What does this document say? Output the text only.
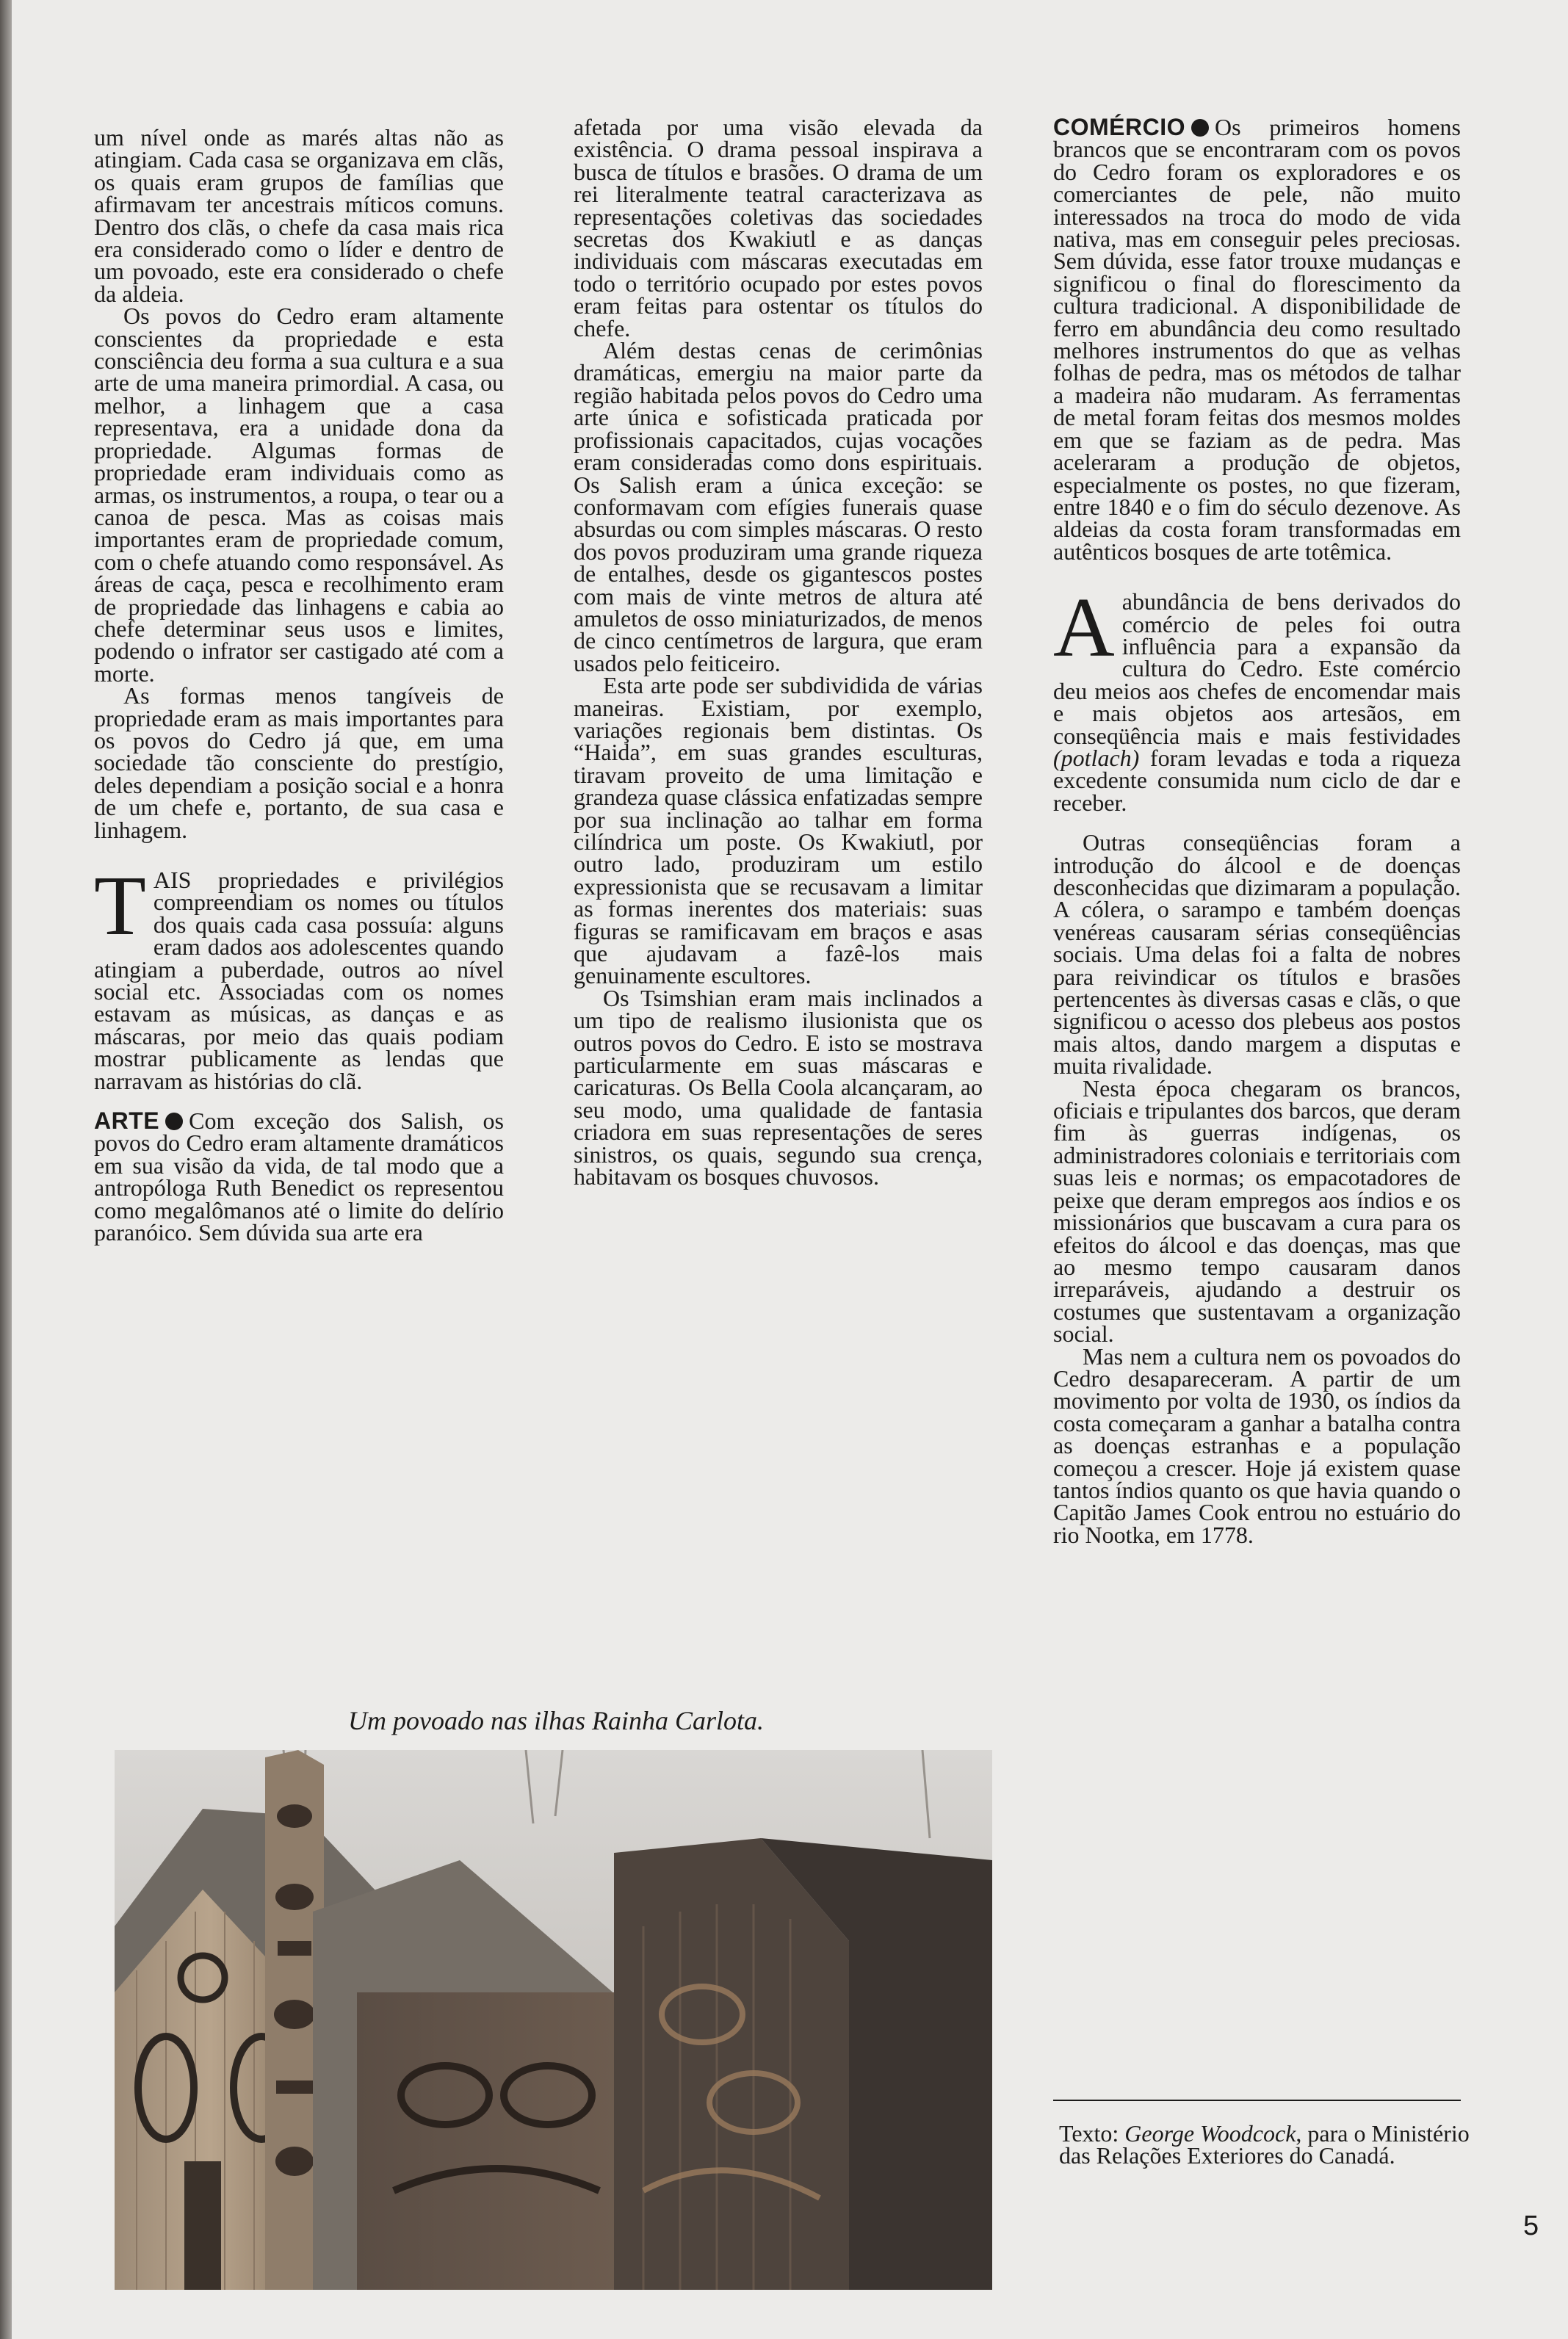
um nível onde as marés altas não as atingiam. Cada casa se organizava em clãs, os quais eram grupos de famílias que afirmavam ter ancestrais míticos comuns. Dentro dos clãs, o chefe da casa mais rica era considerado como o líder e dentro de um povoado, este era considerado o chefe da aldeia.

Os povos do Cedro eram altamente conscientes da propriedade e esta consciência deu forma a sua cultura e a sua arte de uma maneira primordial. A casa, ou melhor, a linhagem que a casa representava, era a unidade dona da propriedade. Algumas formas de propriedade eram individuais como as armas, os instrumentos, a roupa, o tear ou a canoa de pesca. Mas as coisas mais importantes eram de propriedade comum, com o chefe atuando como responsável. As áreas de caça, pesca e recolhimento eram de propriedade das linhagens e cabia ao chefe determinar seus usos e limites, podendo o infrator ser castigado até com a morte.

As formas menos tangíveis de propriedade eram as mais importantes para os povos do Cedro já que, em uma sociedade tão consciente do prestígio, deles dependiam a posição social e a honra de um chefe e, portanto, de sua casa e linhagem.

TAIS propriedades e privilégios compreendiam os nomes ou títulos dos quais cada casa possuía: alguns eram dados aos adolescentes quando atingiam a puberdade, outros ao nível social etc. Associadas com os nomes estavam as músicas, as danças e as máscaras, por meio das quais podiam mostrar publicamente as lendas que narravam as histórias do clã.

ARTE Com exceção dos Salish, os povos do Cedro eram altamente dramáticos em sua visão da vida, de tal modo que a antropóloga Ruth Benedict os representou como megalômanos até o limite do delírio paranóico. Sem dúvida sua arte era

afetada por uma visão elevada da existência. O drama pessoal inspirava a busca de títulos e brasões. O drama de um rei literalmente teatral caracterizava as representações coletivas das sociedades secretas dos Kwakiutl e as danças individuais com máscaras executadas em todo o território ocupado por estes povos eram feitas para ostentar os títulos do chefe.

Além destas cenas de cerimônias dramáticas, emergiu na maior parte da região habitada pelos povos do Cedro uma arte única e sofisticada praticada por profissionais capacitados, cujas vocações eram consideradas como dons espirituais. Os Salish eram a única exceção: se conformavam com efígies funerais quase absurdas ou com simples máscaras. O resto dos povos produziram uma grande riqueza de entalhes, desde os gigantescos postes com mais de vinte metros de altura até amuletos de osso miniaturizados, de menos de cinco centímetros de largura, que eram usados pelo feiticeiro.

Esta arte pode ser subdividida de várias maneiras. Existiam, por exemplo, variações regionais bem distintas. Os “Haida”, em suas grandes esculturas, tiravam proveito de uma limitação e grandeza quase clássica enfatizadas sempre por sua inclinação ao talhar em forma cilíndrica um poste. Os Kwakiutl, por outro lado, produziram um estilo expressionista que se recusavam a limitar as formas inerentes dos materiais: suas figuras se ramificavam em braços e asas que ajudavam a fazê-los mais genuinamente escultores.

Os Tsimshian eram mais inclinados a um tipo de realismo ilusionista que os outros povos do Cedro. E isto se mostrava particularmente em suas máscaras e caricaturas. Os Bella Coola alcançaram, ao seu modo, uma qualidade de fantasia criadora em suas representações de seres sinistros, os quais, segundo sua crença, habitavam os bosques chuvosos.

COMÉRCIO Os primeiros homens brancos que se encontraram com os povos do Cedro foram os exploradores e os comerciantes de pele, não muito interessados na troca do modo de vida nativa, mas em conseguir peles preciosas. Sem dúvida, esse fator trouxe mudanças e significou o final do florescimento da cultura tradicional. A disponibilidade de ferro em abundância deu como resultado melhores instrumentos do que as velhas folhas de pedra, mas os métodos de talhar a madeira não mudaram. As ferramentas de metal foram feitas dos mesmos moldes em que se faziam as de pedra. Mas aceleraram a produção de objetos, especialmente os postes, no que fizeram, entre 1840 e o fim do século dezenove. As aldeias da costa foram transformadas em autênticos bosques de arte totêmica.

Aabundância de bens derivados do comércio de peles foi outra influência para a expansão da cultura do Cedro. Este comércio deu meios aos chefes de encomendar mais e mais objetos aos artesãos, em conseqüência mais e mais festividades (potlach) foram levadas e toda a riqueza excedente consumida num ciclo de dar e receber.

Outras conseqüências foram a introdução do álcool e de doenças desconhecidas que dizimaram a população. A cólera, o sarampo e também doenças venéreas causaram sérias conseqüências sociais. Uma delas foi a falta de nobres para reivindicar os títulos e brasões pertencentes às diversas casas e clãs, o que significou o acesso dos plebeus aos postos mais altos, dando margem a disputas e muita rivalidade.

Nesta época chegaram os brancos, oficiais e tripulantes dos barcos, que deram fim às guerras indígenas, os administradores coloniais e territoriais com suas leis e normas; os empacotadores de peixe que deram empregos aos índios e os missionários que buscavam a cura para os efeitos do álcool e das doenças, mas que ao mesmo tempo causaram danos irreparáveis, ajudando a destruir os costumes que sustentavam a organização social.

Mas nem a cultura nem os povoados do Cedro desapareceram. A partir de um movimento por volta de 1930, os índios da costa começaram a ganhar a batalha contra as doenças estranhas e a população começou a crescer. Hoje já existem quase tantos índios quanto os que havia quando o Capitão James Cook entrou no estuário do rio Nootka, em 1778.

Texto: George Woodcock, para o Ministério das Relações Exteriores do Canadá.
Um povoado nas ilhas Rainha Carlota.
5
